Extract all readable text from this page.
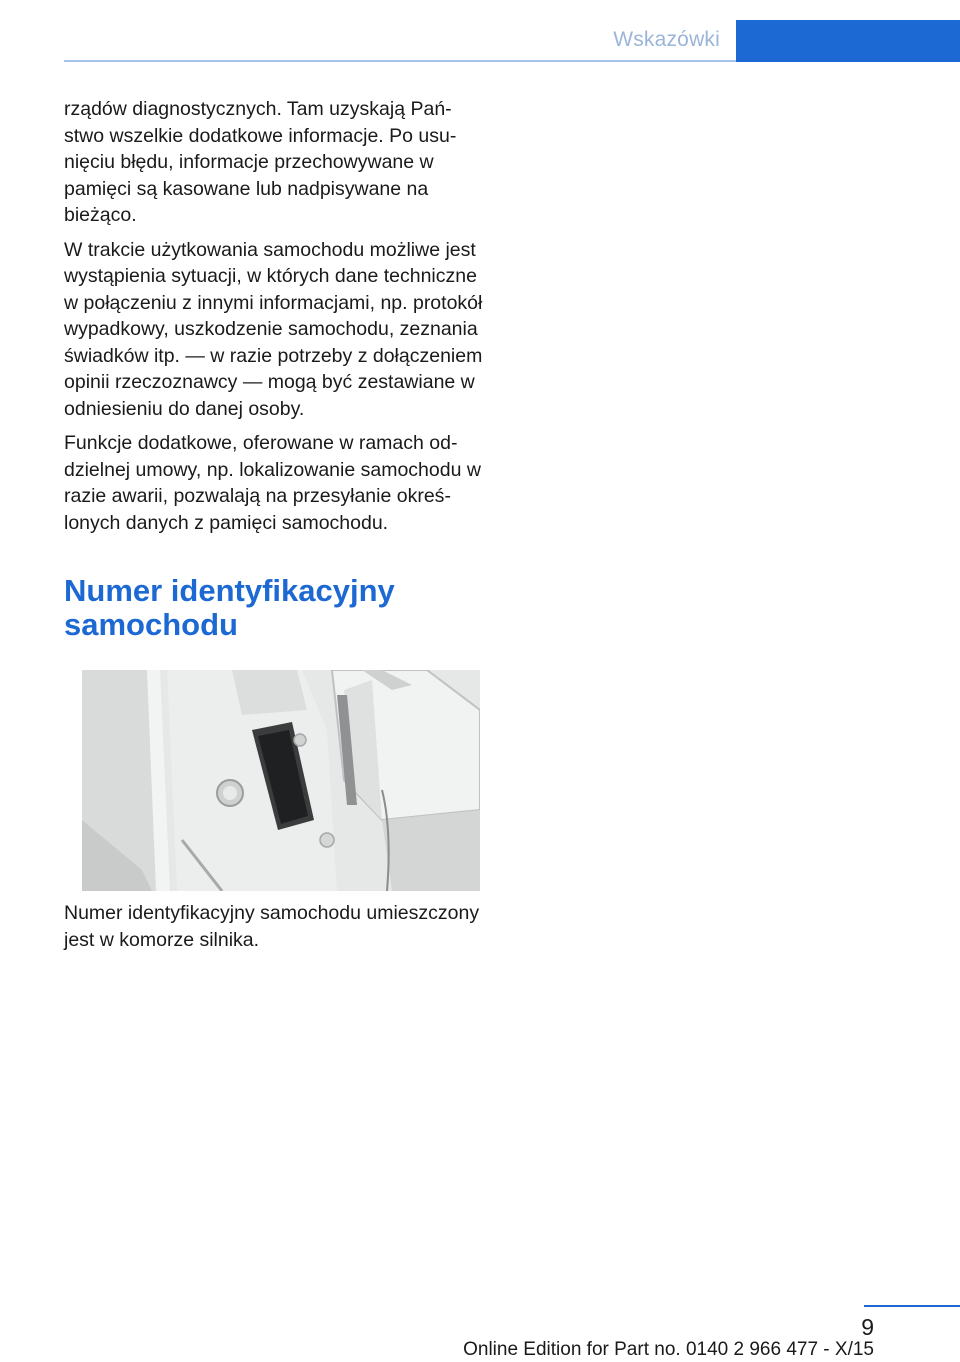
Wskazówki

rządów diagnostycznych. Tam uzyskają Państwo wszelkie dodatkowe informacje. Po usunięciu błędu, informacje przechowywane w pamięci są kasowane lub nadpisywane na bieżąco.

W trakcie użytkowania samochodu możliwe jest wystąpienia sytuacji, w których dane techniczne w połączeniu z innymi informacjami, np. protokół wypadkowy, uszkodzenie samochodu, zeznania świadków itp. — w razie potrzeby z dołączeniem opinii rzeczoznawcy — mogą być zestawiane w odniesieniu do danej osoby.

Funkcje dodatkowe, oferowane w ramach oddzielnej umowy, np. lokalizowanie samochodu w razie awarii, pozwalają na przesyłanie określonych danych z pamięci samochodu.

Numer identyfikacyjny samochodu

Numer identyfikacyjny samochodu umieszczony jest w komorze silnika.

9
Online Edition for Part no. 0140 2 966 477 - X/15
